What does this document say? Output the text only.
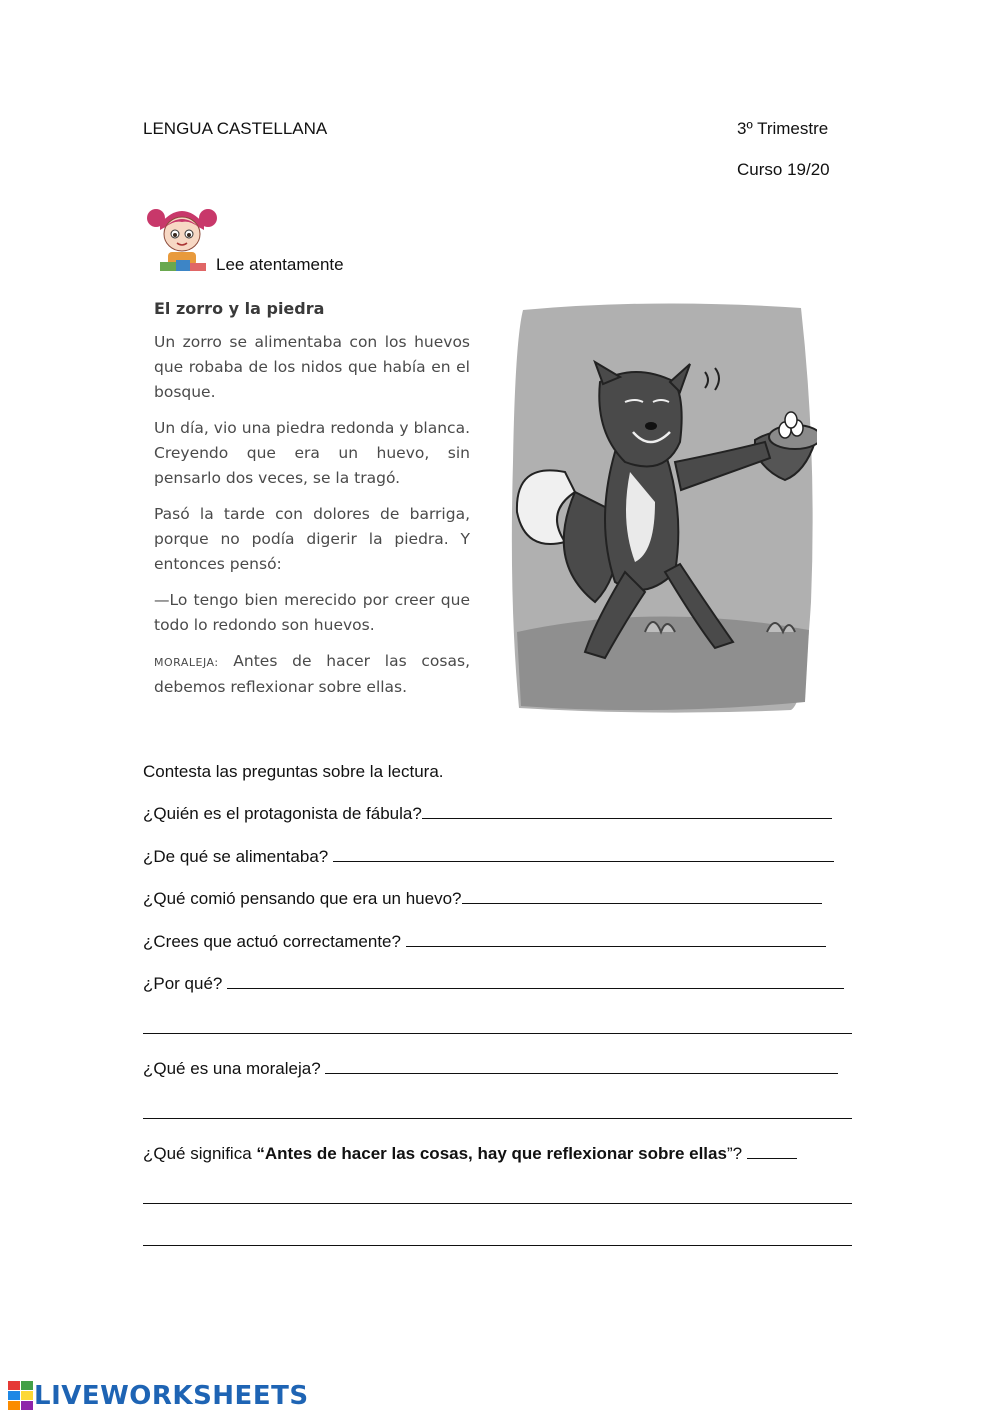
LENGUA CASTELLANA	3º Trimestre
Curso 19/20
Lee atentamente
El zorro y la piedra

Un zorro se alimentaba con los huevos que robaba de los nidos que había en el bosque.

Un día, vio una piedra redonda y blanca. Creyendo que era un huevo, sin pensarlo dos veces, se la tragó.

Pasó la tarde con dolores de barriga, porque no podía digerir la piedra. Y entonces pensó:

—Lo tengo bien merecido por creer que todo lo redondo son huevos.

MORALEJA: Antes de hacer las cosas, debemos reflexionar sobre ellas.

Contesta las preguntas sobre la lectura.
¿Quién es el protagonista de fábula?
¿De qué se alimentaba?
¿Qué comió pensando que era un huevo?
¿Crees que actuó correctamente?
¿Por qué?
¿Qué es una moraleja?
¿Qué significa “Antes de hacer las cosas, hay que reflexionar sobre ellas”?
LIVEWORKSHEETS
